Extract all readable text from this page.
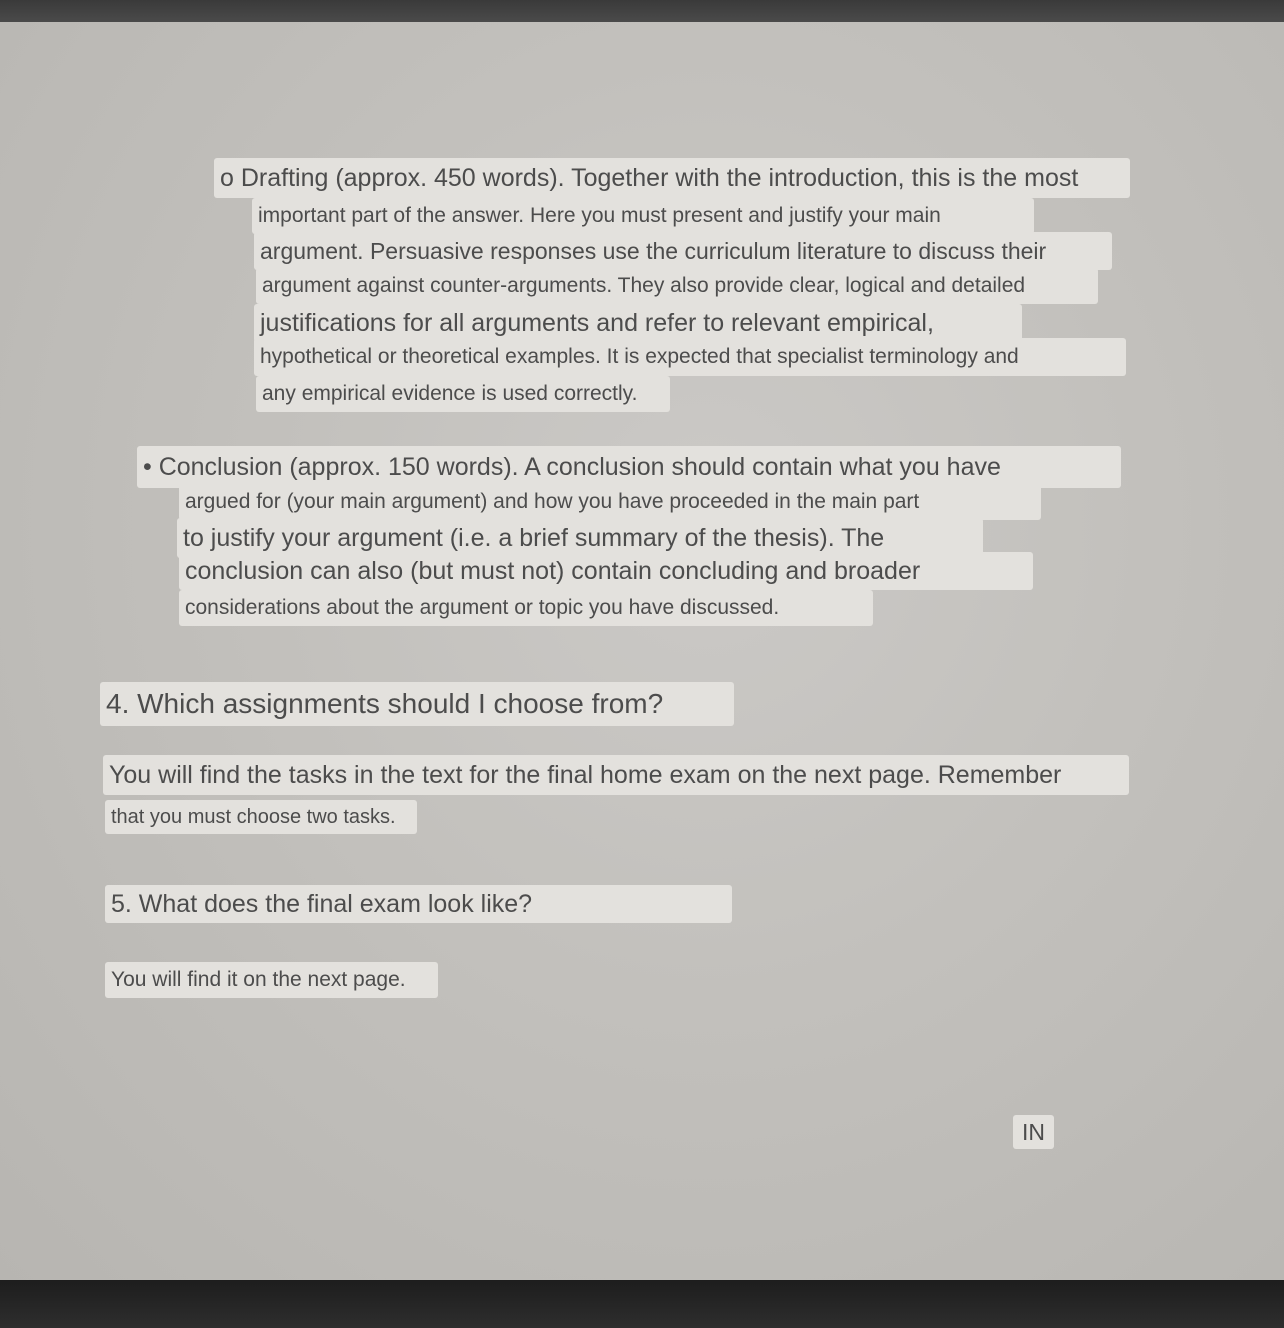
o Drafting (approx. 450 words). Together with the introduction, this is the most
important part of the answer. Here you must present and justify your main
argument. Persuasive responses use the curriculum literature to discuss their
argument against counter-arguments. They also provide clear, logical and detailed
justifications for all arguments and refer to relevant empirical,
hypothetical or theoretical examples. It is expected that specialist terminology and
any empirical evidence is used correctly.
• Conclusion (approx. 150 words). A conclusion should contain what you have
argued for (your main argument) and how you have proceeded in the main part
to justify your argument (i.e. a brief summary of the thesis). The
conclusion can also (but must not) contain concluding and broader
considerations about the argument or topic you have discussed.
4. Which assignments should I choose from?
You will find the tasks in the text for the final home exam on the next page. Remember
that you must choose two tasks.
5. What does the final exam look like?
You will find it on the next page.
IN
